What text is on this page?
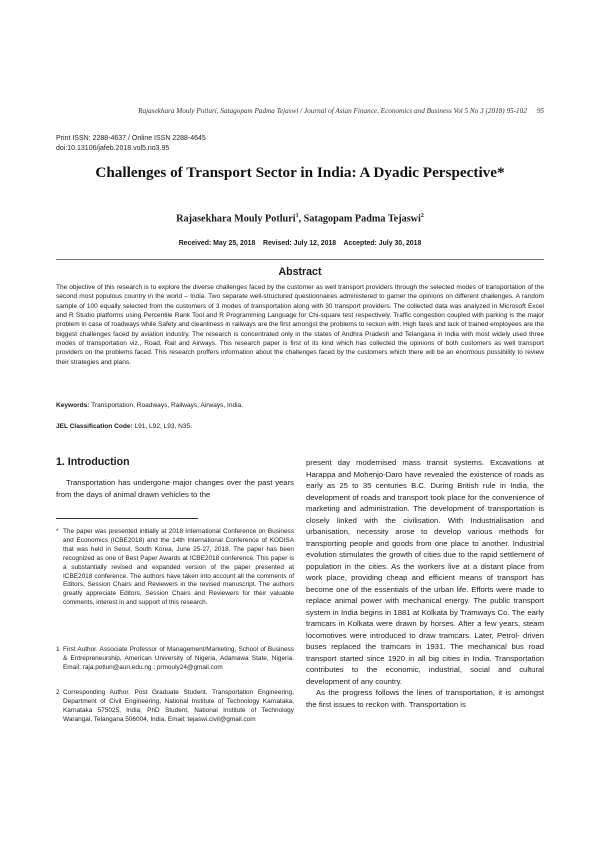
Rajasekhara Mouly Potluri, Satagopam Padma Tejaswi / Journal of Asian Finance, Economics and Business Vol 5 No 3 (2018) 95-102 95
Print ISSN: 2288-4637 / Online ISSN 2288-4645
doi:10.13106/jafeb.2018.vol5.no3.95
Challenges of Transport Sector in India: A Dyadic Perspective*
Rajasekhara Mouly Potluri$^1$, Satagopam Padma Tejaswi$^2$
Received: May 25, 2018    Revised: July 12, 2018    Accepted: July 30, 2018
Abstract
The objective of this research is to explore the diverse challenges faced by the customer as well transport providers through the selected modes of transportation of the second most populous country in the world – India. Two separate well-structured questionnaires administered to garner the opinions on different challenges. A random sample of 100 equally selected from the customers of 3 modes of transportation along with 30 transport providers. The collected data was analyzed in Microsoft Excel and R Studio platforms using Percentile Rank Tool and R Programming Language for Chi-square test respectively. Traffic congestion coupled with parking is the major problem in case of roadways while Safety and cleanliness in railways are the first amongst the problems to reckon with. High fares and lack of trained employees are the biggest challenges faced by aviation industry. The research is concentrated only in the states of Andhra Pradesh and Telangana in India with most widely used three modes of transportation viz., Road, Rail and Airways. This research paper is first of its kind which has collected the opinions of both customers as well transport providers on the problems faced. This research proffers information about the challenges faced by the customers which there will be an enormous possibility to review their strategies and plans.
Keywords: Transportation, Roadways, Railways, Airways, India.
JEL Classification Code: L91, L92, L93, N35.
1. Introduction

Transportation has undergone major changes over the past years from the days of animal drawn vehicles to the

* The paper was presented initially at 2018 International Conference on Business and Economics (ICBE2018) and the 14th International Conference of KODISA that was held in Seoul, South Korea, June 25-27, 2018. The paper has been recognized as one of Best Paper Awards at ICBE2018 conference. This paper is a substantially revised and expanded version of the paper presented at ICBE2018 conference. The authors have taken into account all the comments of Editors, Session Chairs and Reviewers in the revised manuscript. The authors greatly appreciate Editors, Session Chairs and Reviewers for their valuable comments, interest in and support of this research.
1 First Author. Associate Professor of Management/Marketing, School of Business & Entrepreneurship, American University of Nigeria, Adamawa State, Nigeria. Email: raja.potluri@aun.edu.ng ; prmouly24@gmail.com
2 Corresponding Author. Post Graduate Student, Transportation Engineering, Department of Civil Engineering, National Institute of Technology Karnataka, Karnataka 575025, India; PhD Student, National Institute of Technology Warangal, Telangana 506004, India. Email: tejaswi.civil@gmail.com

present day modernised mass transit systems. Excavations at Harappa and Mohenjo-Daro have revealed the existence of roads as early as 25 to 35 centuries B.C. During British rule in India, the development of roads and transport took place for the convenience of marketing and administration. The development of transportation is closely linked with the civilisation. With Industrialisation and urbanisation, necessity arose to develop various methods for transporting people and goods from one place to another. Industrial evolution stimulates the growth of cities due to the rapid settlement of population in the cities. As the workers live at a distant place from work place, providing cheap and efficient means of transport has become one of the essentials of the urban life. Efforts were made to replace animal power with mechanical energy. The public transport system in India begins in 1881 at Kolkata by Tramways Co. The early tramcars in Kolkata were drawn by horses. After a few years, steam locomotives were introduced to draw tramcars. Later, Petrol- driven buses replaced the tramcars in 1931. The mechanical bus road transport started since 1920 in all big cities in India. Transportation contributes to the economic, industrial, social and cultural development of any country.

As the progress follows the lines of transportation, it is amongst the first issues to reckon with. Transportation is
